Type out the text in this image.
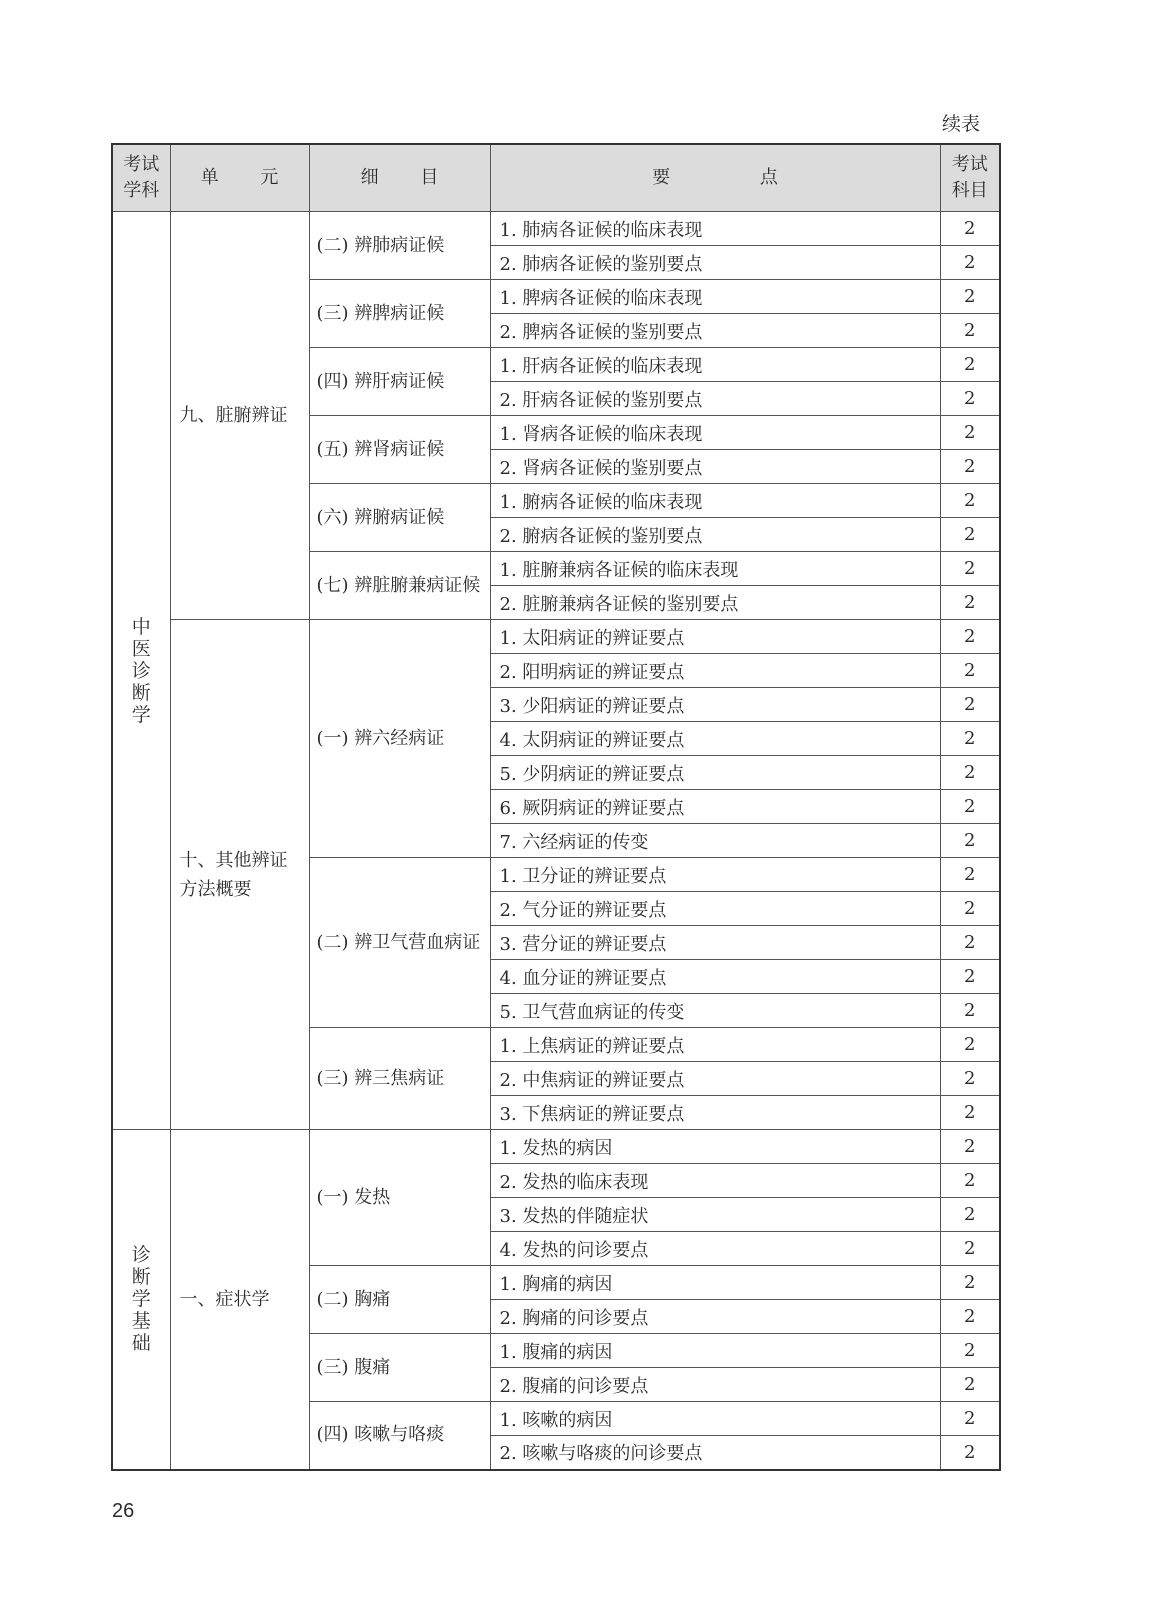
续表
考试学科	单 元	细 目	要 点	考试科目
中医诊断学	九、脏腑辨证	(二) 辨肺病证候	1. 肺病各证候的临床表现	2
			2. 肺病各证候的鉴别要点	2
		(三) 辨脾病证候	1. 脾病各证候的临床表现	2
			2. 脾病各证候的鉴别要点	2
		(四) 辨肝病证候	1. 肝病各证候的临床表现	2
			2. 肝病各证候的鉴别要点	2
		(五) 辨肾病证候	1. 肾病各证候的临床表现	2
			2. 肾病各证候的鉴别要点	2
		(六) 辨腑病证候	1. 腑病各证候的临床表现	2
			2. 腑病各证候的鉴别要点	2
		(七) 辨脏腑兼病证候	1. 脏腑兼病各证候的临床表现	2
			2. 脏腑兼病各证候的鉴别要点	2
	十、其他辨证方法概要	(一) 辨六经病证	1. 太阳病证的辨证要点	2
			2. 阳明病证的辨证要点	2
			3. 少阳病证的辨证要点	2
			4. 太阴病证的辨证要点	2
			5. 少阴病证的辨证要点	2
			6. 厥阴病证的辨证要点	2
			7. 六经病证的传变	2
		(二) 辨卫气营血病证	1. 卫分证的辨证要点	2
			2. 气分证的辨证要点	2
			3. 营分证的辨证要点	2
			4. 血分证的辨证要点	2
			5. 卫气营血病证的传变	2
		(三) 辨三焦病证	1. 上焦病证的辨证要点	2
			2. 中焦病证的辨证要点	2
			3. 下焦病证的辨证要点	2
诊断学基础	一、症状学	(一) 发热	1. 发热的病因	2
			2. 发热的临床表现	2
			3. 发热的伴随症状	2
			4. 发热的问诊要点	2
		(二) 胸痛	1. 胸痛的病因	2
			2. 胸痛的问诊要点	2
		(三) 腹痛	1. 腹痛的病因	2
			2. 腹痛的问诊要点	2
		(四) 咳嗽与咯痰	1. 咳嗽的病因	2
			2. 咳嗽与咯痰的问诊要点	2
26
